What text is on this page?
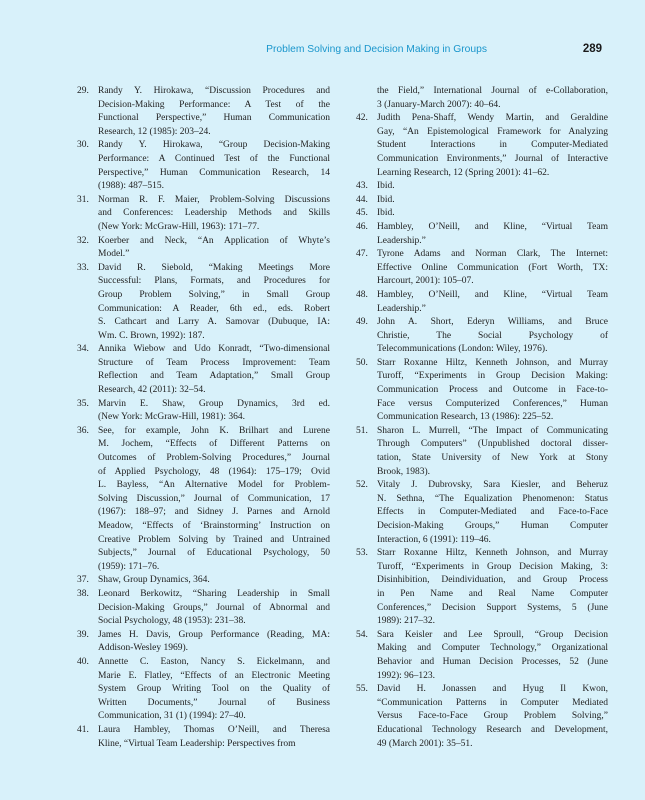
Problem Solving and Decision Making in Groups	289
29. Randy Y. Hirokawa, “Discussion Procedures and
Decision-Making Performance: A Test of the
Functional Perspective,” Human Communication
Research, 12 (1985): 203–24.
30. Randy Y. Hirokawa, “Group Decision-Making
Performance: A Continued Test of the Functional
Perspective,” Human Communication Research, 14
(1988): 487–515.
31. Norman R. F. Maier, Problem-Solving Discussions
and Conferences: Leadership Methods and Skills
(New York: McGraw-Hill, 1963): 171–77.
32. Koerber and Neck, “An Application of Whyte’s
Model.”
33. David R. Siebold, “Making Meetings More
Successful: Plans, Formats, and Procedures for
Group Problem Solving,” in Small Group
Communication: A Reader, 6th ed., eds. Robert
S. Cathcart and Larry A. Samovar (Dubuque, IA:
Wm. C. Brown, 1992): 187.
34. Annika Wiebow and Udo Konradt, “Two-dimensional
Structure of Team Process Improvement: Team
Reflection and Team Adaptation,” Small Group
Research, 42 (2011): 32–54.
35. Marvin E. Shaw, Group Dynamics, 3rd ed.
(New York: McGraw-Hill, 1981): 364.
36. See, for example, John K. Brilhart and Lurene
M. Jochem, “Effects of Different Patterns on
Outcomes of Problem-Solving Procedures,” Journal
of Applied Psychology, 48 (1964): 175–179; Ovid
L. Bayless, “An Alternative Model for Problem-
Solving Discussion,” Journal of Communication, 17
(1967): 188–97; and Sidney J. Parnes and Arnold
Meadow, “Effects of ‘Brainstorming’ Instruction on
Creative Problem Solving by Trained and Untrained
Subjects,” Journal of Educational Psychology, 50
(1959): 171–76.
37. Shaw, Group Dynamics, 364.
38. Leonard Berkowitz, “Sharing Leadership in Small
Decision-Making Groups,” Journal of Abnormal and
Social Psychology, 48 (1953): 231–38.
39. James H. Davis, Group Performance (Reading, MA:
Addison-Wesley 1969).
40. Annette C. Easton, Nancy S. Eickelmann, and
Marie E. Flatley, “Effects of an Electronic Meeting
System Group Writing Tool on the Quality of
Written Documents,” Journal of Business
Communication, 31 (1) (1994): 27–40.
41. Laura Hambley, Thomas O’Neill, and Theresa
Kline, “Virtual Team Leadership: Perspectives from
the Field,” International Journal of e-Collaboration,
3 (January-March 2007): 40–64.
42. Judith Pena-Shaff, Wendy Martin, and Geraldine
Gay, “An Epistemological Framework for Analyzing
Student Interactions in Computer-Mediated
Communication Environments,” Journal of Interactive
Learning Research, 12 (Spring 2001): 41–62.
43. Ibid.
44. Ibid.
45. Ibid.
46. Hambley, O’Neill, and Kline, “Virtual Team
Leadership.”
47. Tyrone Adams and Norman Clark, The Internet:
Effective Online Communication (Fort Worth, TX:
Harcourt, 2001): 105–07.
48. Hambley, O’Neill, and Kline, “Virtual Team
Leadership.”
49. John A. Short, Ederyn Williams, and Bruce
Christie, The Social Psychology of
Telecommunications (London: Wiley, 1976).
50. Starr Roxanne Hiltz, Kenneth Johnson, and Murray
Turoff, “Experiments in Group Decision Making:
Communication Process and Outcome in Face-to-
Face versus Computerized Conferences,” Human
Communication Research, 13 (1986): 225–52.
51. Sharon L. Murrell, “The Impact of Communicating
Through Computers” (Unpublished doctoral disser-
tation, State University of New York at Stony
Brook, 1983).
52. Vitaly J. Dubrovsky, Sara Kiesler, and Beheruz
N. Sethna, “The Equalization Phenomenon: Status
Effects in Computer-Mediated and Face-to-Face
Decision-Making Groups,” Human Computer
Interaction, 6 (1991): 119–46.
53. Starr Roxanne Hiltz, Kenneth Johnson, and Murray
Turoff, “Experiments in Group Decision Making, 3:
Disinhibition, Deindividuation, and Group Process
in Pen Name and Real Name Computer
Conferences,” Decision Support Systems, 5 (June
1989): 217–32.
54. Sara Keisler and Lee Sproull, “Group Decision
Making and Computer Technology,” Organizational
Behavior and Human Decision Processes, 52 (June
1992): 96–123.
55. David H. Jonassen and Hyug Il Kwon,
“Communication Patterns in Computer Mediated
Versus Face-to-Face Group Problem Solving,”
Educational Technology Research and Development,
49 (March 2001): 35–51.
